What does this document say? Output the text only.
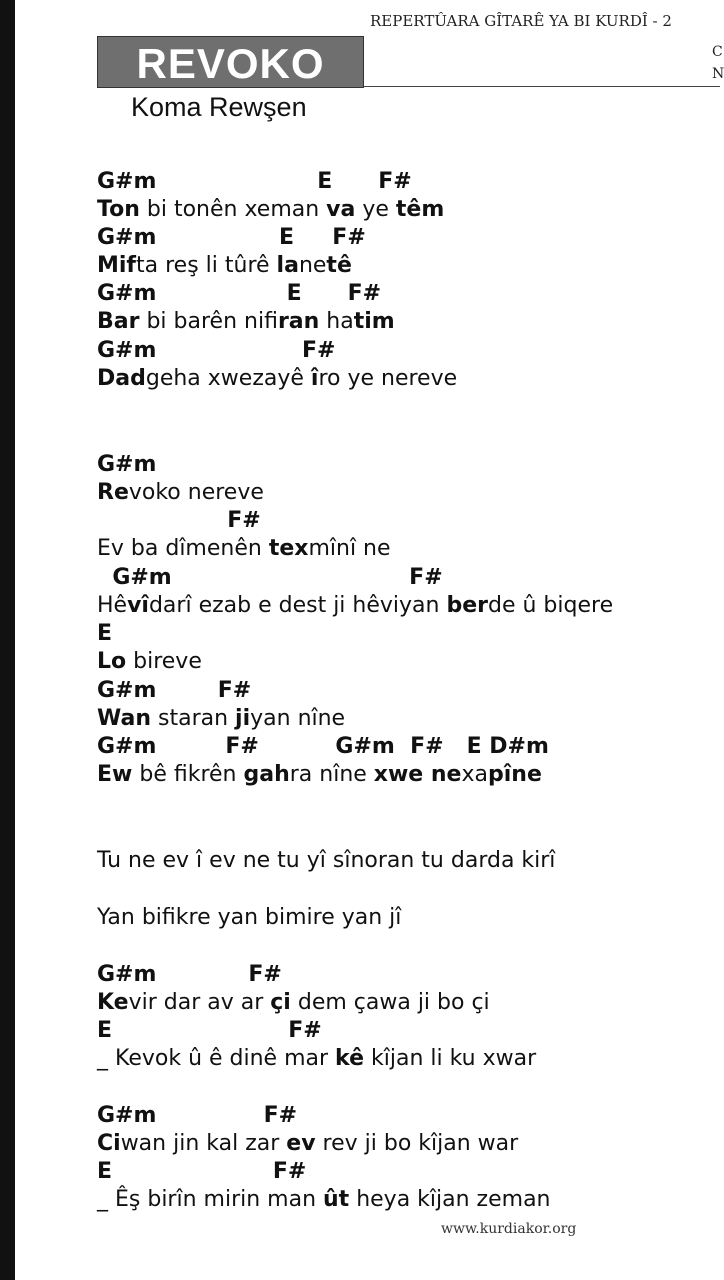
REPERTÛARA GÎTARÊ YA BI KURDÎ - 2
C
N
REVOKO
Koma Rewşen
G#m                     E      F#
Ton bi tonên xeman va ye têm
G#m                E     F#
Mifta reş li tûrê lanetê
G#m                 E      F#
Bar bi barên nifiran hatim
G#m                   F#
Dadgeha xwezayê îro ye nereve
G#m
Revoko nereve
F#
Ev ba dîmenên texmînî ne
G#m                               F#
Hêvîdarî ezab e dest ji hêviyan berde û biqere
E
Lo bireve
G#m        F#
Wan staran jiyan nîne
G#m         F#          G#m  F#   E D#m
Ew bê fikrên gahra nîne xwe nexapîne
Tu ne ev î ev ne tu yî sînoran tu darda kirî
Yan bifikre yan bimire yan jî
G#m            F#
Kevir dar av ar çi dem çawa ji bo çi
E                       F#
_ Kevok û ê dinê mar kê kîjan li ku xwar
G#m              F#
Ciwan jin kal zar ev rev ji bo kîjan war
E                     F#
_ Êş birîn mirin man ût heya kîjan zeman
www.kurdiakor.org
